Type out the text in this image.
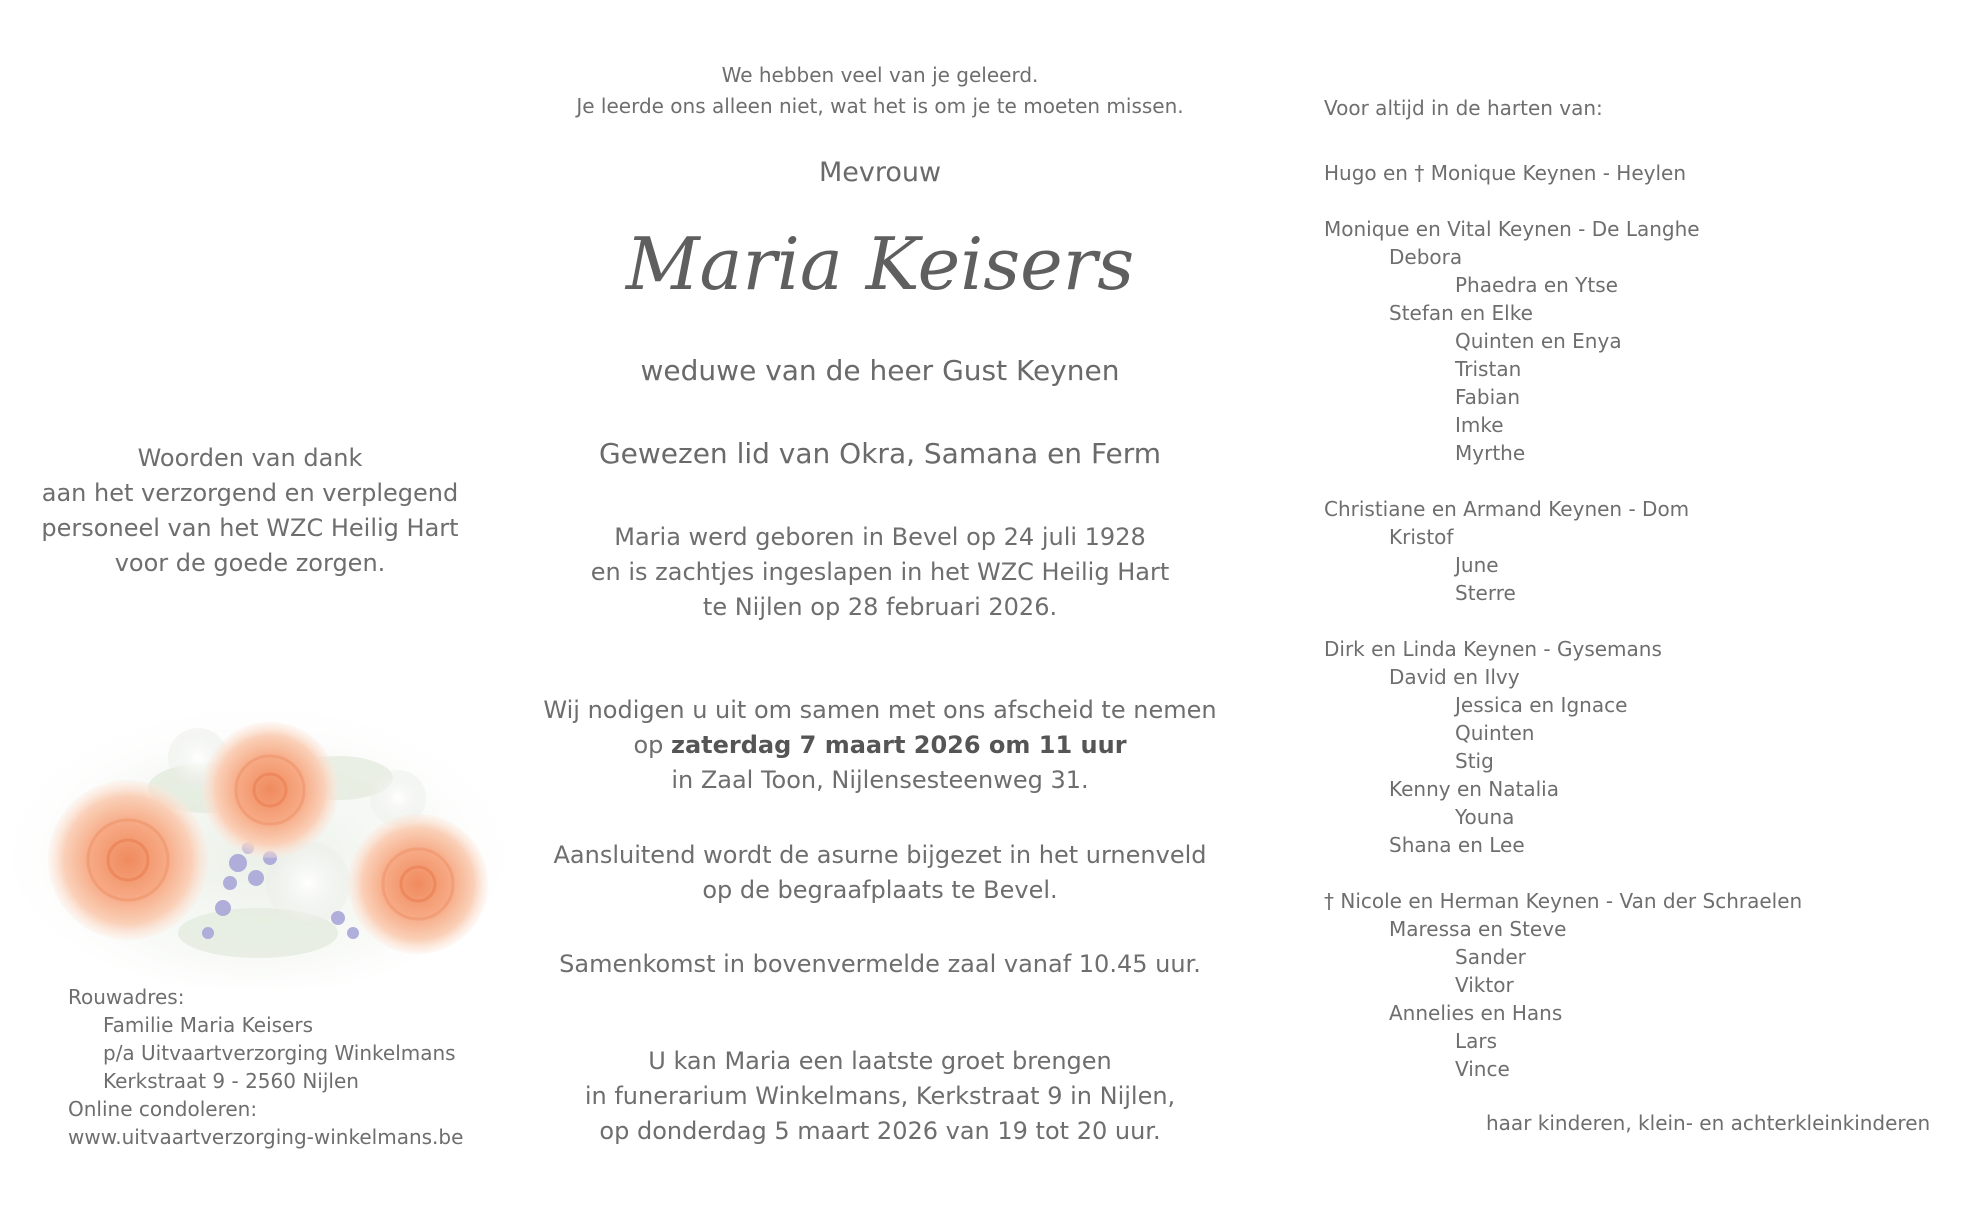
We hebben veel van je geleerd.
Je leerde ons alleen niet, wat het is om je te moeten missen.
Mevrouw
Maria Keisers
weduwe van de heer Gust Keynen
Gewezen lid van Okra, Samana en Ferm
Maria werd geboren in Bevel op 24 juli 1928
en is zachtjes ingeslapen in het WZC Heilig Hart
te Nijlen op 28 februari 2026.
Wij nodigen u uit om samen met ons afscheid te nemen
op zaterdag 7 maart 2026 om 11 uur
in Zaal Toon, Nijlensesteenweg 31.
Aansluitend wordt de asurne bijgezet in het urnenveld
op de begraafplaats te Bevel.
Samenkomst in bovenvermelde zaal vanaf 10.45 uur.
U kan Maria een laatste groet brengen
in funerarium Winkelmans, Kerkstraat 9 in Nijlen,
op donderdag 5 maart 2026 van 19 tot 20 uur.
Woorden van dank
aan het verzorgend en verplegend
personeel van het WZC Heilig Hart
voor de goede zorgen.
Rouwadres:
Familie Maria Keisers
p/a Uitvaartverzorging Winkelmans
Kerkstraat 9 - 2560 Nijlen
Online condoleren:
www.uitvaartverzorging-winkelmans.be
Voor altijd in de harten van:
Hugo en † Monique Keynen - Heylen
Monique en Vital Keynen - De Langhe
Debora
Phaedra en Ytse
Stefan en Elke
Quinten en Enya
Tristan
Fabian
Imke
Myrthe
Christiane en Armand Keynen - Dom
Kristof
June
Sterre
Dirk en Linda Keynen - Gysemans
David en Ilvy
Jessica en Ignace
Quinten
Stig
Kenny en Natalia
Youna
Shana en Lee
† Nicole en Herman Keynen - Van der Schraelen
Maressa en Steve
Sander
Viktor
Annelies en Hans
Lars
Vince
haar kinderen, klein- en achterkleinkinderen
